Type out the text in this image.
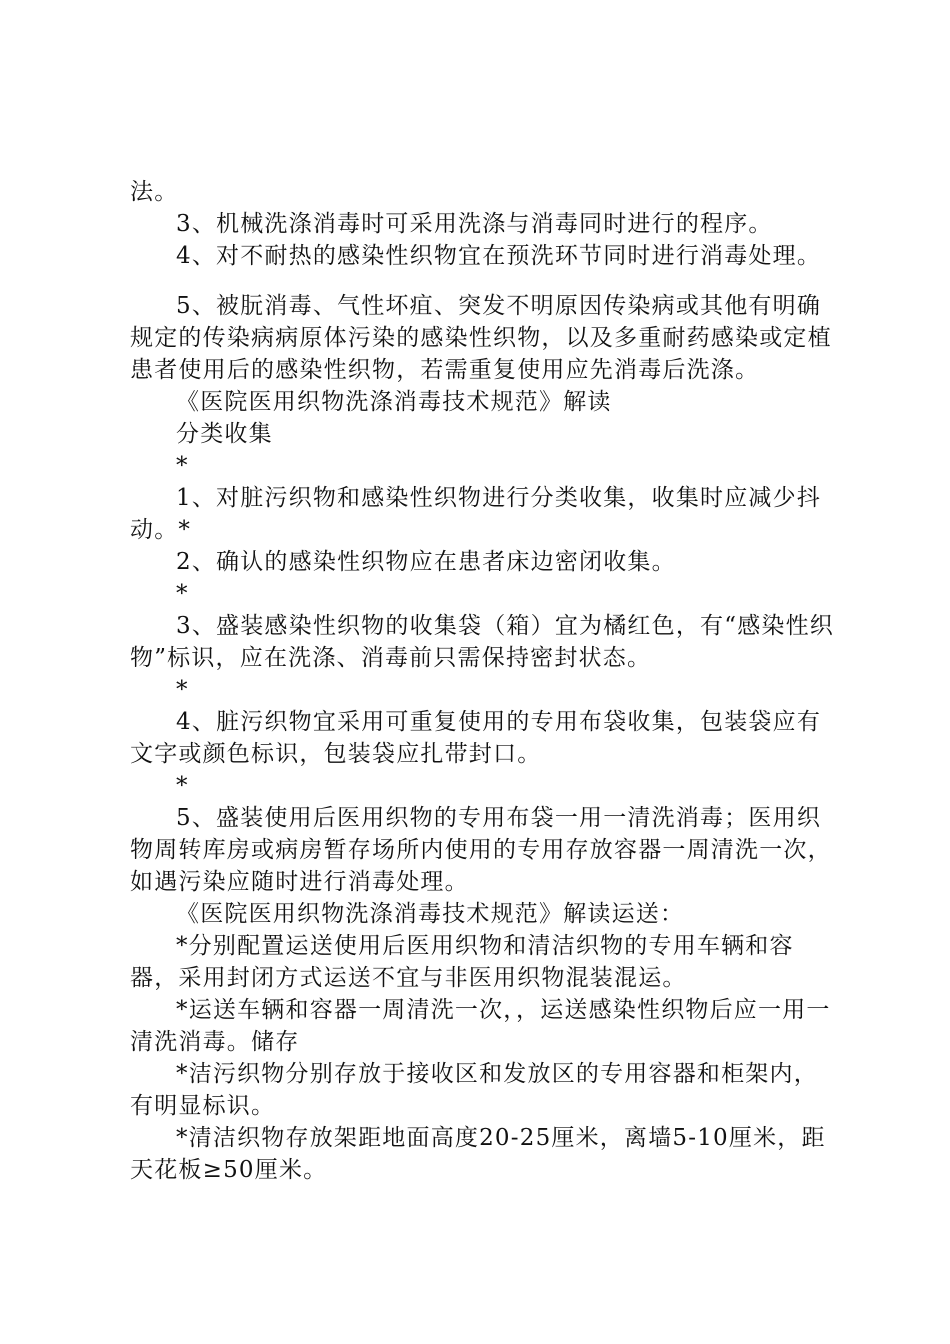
法。

3、机械洗涤消毒时可采用洗涤与消毒同时进行的程序。

4、对不耐热的感染性织物宜在预洗环节同时进行消毒处理。

5、被朊消毒、气性坏疽、突发不明原因传染病或其他有明确规定的传染病病原体污染的感染性织物，以及多重耐药感染或定植患者使用后的感染性织物，若需重复使用应先消毒后洗涤。

《医院医用织物洗涤消毒技术规范》解读

分类收集

*

1、对脏污织物和感染性织物进行分类收集，收集时应减少抖动。*

2、确认的感染性织物应在患者床边密闭收集。

*

3、盛装感染性织物的收集袋（箱）宜为橘红色，有“感染性织物”标识，应在洗涤、消毒前只需保持密封状态。

*

4、脏污织物宜采用可重复使用的专用布袋收集，包装袋应有文字或颜色标识，包装袋应扎带封口。

*

5、盛装使用后医用织物的专用布袋一用一清洗消毒；医用织物周转库房或病房暂存场所内使用的专用存放容器一周清洗一次，如遇污染应随时进行消毒处理。

《医院医用织物洗涤消毒技术规范》解读运送：

*分别配置运送使用后医用织物和清洁织物的专用车辆和容器，采用封闭方式运送不宜与非医用织物混装混运。

*运送车辆和容器一周清洗一次，，运送感染性织物后应一用一清洗消毒。储存

*洁污织物分别存放于接收区和发放区的专用容器和柜架内，有明显标识。

*清洁织物存放架距地面高度20-25厘米，离墙5-10厘米，距天花板≥50厘米。
